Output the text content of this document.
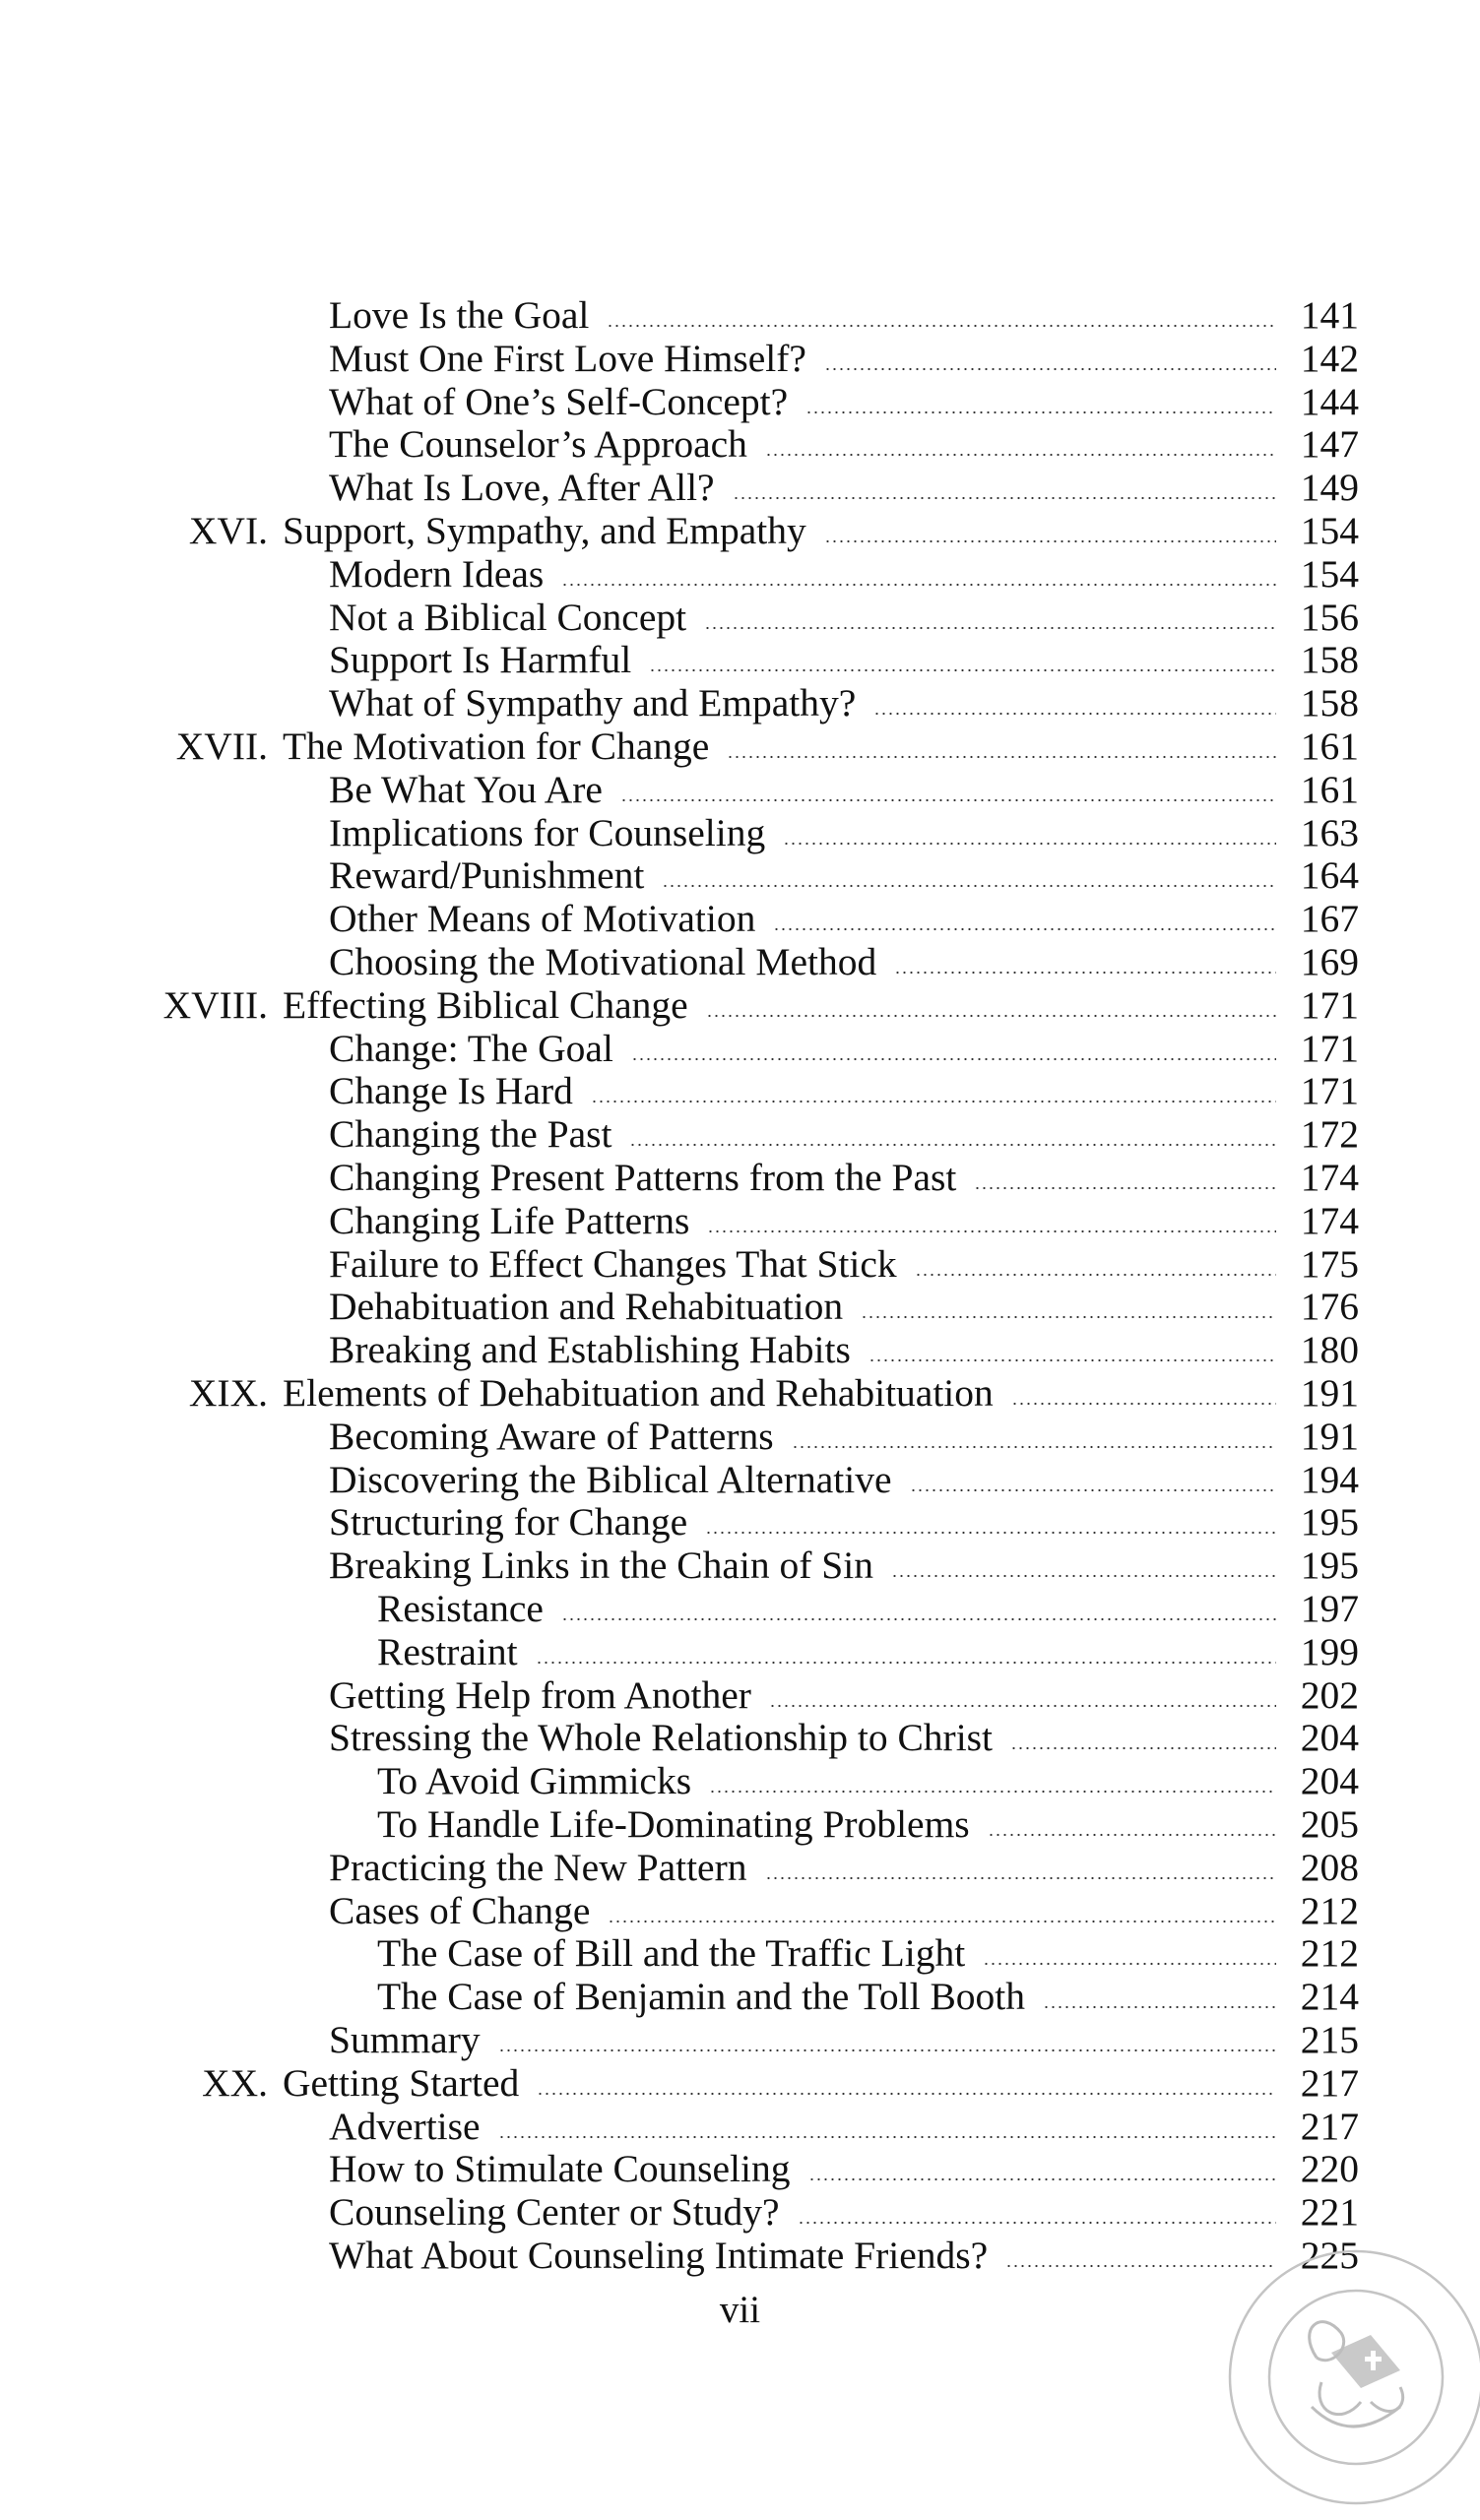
Love Is the Goal	141
Must One First Love Himself?	142
What of One’s Self-Concept?	144
The Counselor’s Approach	147
What Is Love, After All?	149
XVI. Support, Sympathy, and Empathy	154
Modern Ideas	154
Not a Biblical Concept	156
Support Is Harmful	158
What of Sympathy and Empathy?	158
XVII. The Motivation for Change	161
Be What You Are	161
Implications for Counseling	163
Reward/Punishment	164
Other Means of Motivation	167
Choosing the Motivational Method	169
XVIII. Effecting Biblical Change	171
Change: The Goal	171
Change Is Hard	171
Changing the Past	172
Changing Present Patterns from the Past	174
Changing Life Patterns	174
Failure to Effect Changes That Stick	175
Dehabituation and Rehabituation	176
Breaking and Establishing Habits	180
XIX. Elements of Dehabituation and Rehabituation	191
Becoming Aware of Patterns	191
Discovering the Biblical Alternative	194
Structuring for Change	195
Breaking Links in the Chain of Sin	195
Resistance	197
Restraint	199
Getting Help from Another	202
Stressing the Whole Relationship to Christ	204
To Avoid Gimmicks	204
To Handle Life-Dominating Problems	205
Practicing the New Pattern	208
Cases of Change	212
The Case of Bill and the Traffic Light	212
The Case of Benjamin and the Toll Booth	214
Summary	215
XX. Getting Started	217
Advertise	217
How to Stimulate Counseling	220
Counseling Center or Study?	221
What About Counseling Intimate Friends?	225
vii
